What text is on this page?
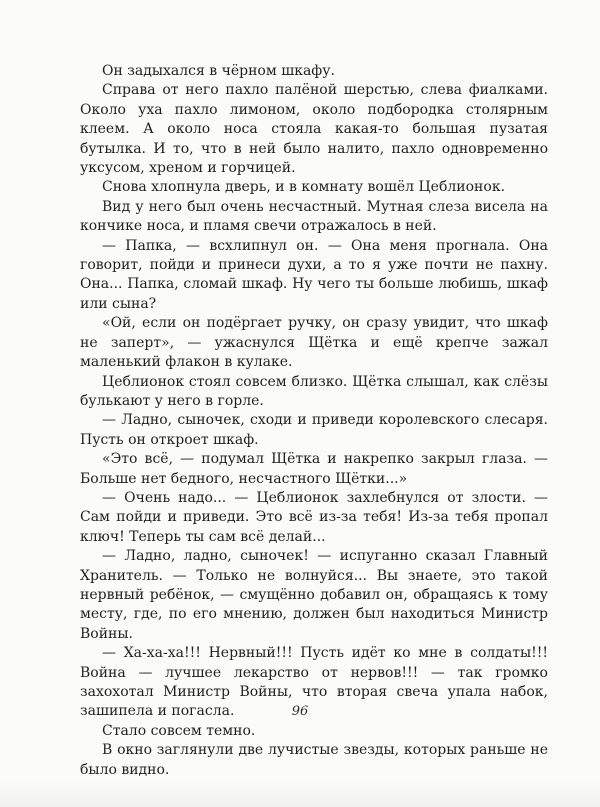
Он задыхался в чёрном шкафу.

Справа от него пахло палёной шерстью, слева фиалками. Около уха пахло лимоном, около подбородка столярным клеем. А около носа стояла какая-то большая пузатая бутылка. И то, что в ней было налито, пахло одновременно уксусом, хреном и горчицей.

Снова хлопнула дверь, и в комнату вошёл Цеблионок.

Вид у него был очень несчастный. Мутная слеза висела на кончике носа, и пламя свечи отражалось в ней.

— Папка, — всхлипнул он. — Она меня прогнала. Она говорит, пойди и принеси духи, а то я уже почти не пахну. Она... Папка, сломай шкаф. Ну чего ты больше любишь, шкаф или сына?

«Ой, если он подёргает ручку, он сразу увидит, что шкаф не заперт», — ужаснулся Щётка и ещё крепче зажал маленький флакон в кулаке.

Цеблионок стоял совсем близко. Щётка слышал, как слёзы булькают у него в горле.

— Ладно, сыночек, сходи и приведи королевского слесаря. Пусть он откроет шкаф.

«Это всё, — подумал Щётка и накрепко закрыл глаза. — Больше нет бедного, несчастного Щётки...»

— Очень надо... — Цеблионок захлебнулся от злости. — Сам пойди и приведи. Это всё из-за тебя! Из-за тебя пропал ключ! Теперь ты сам всё делай...

— Ладно, ладно, сыночек! — испуганно сказал Главный Хранитель. — Только не волнуйся... Вы знаете, это такой нервный ребёнок, — смущённо добавил он, обращаясь к тому месту, где, по его мнению, должен был находиться Министр Войны.

— Ха-ха-ха!!! Нервный!!! Пусть идёт ко мне в солдаты!!! Война — лучшее лекарство от нервов!!! — так громко захохотал Министр Войны, что вторая свеча упала набок, зашипела и погасла.

Стало совсем темно.

В окно заглянули две лучистые звезды, которых раньше не было видно.

96
